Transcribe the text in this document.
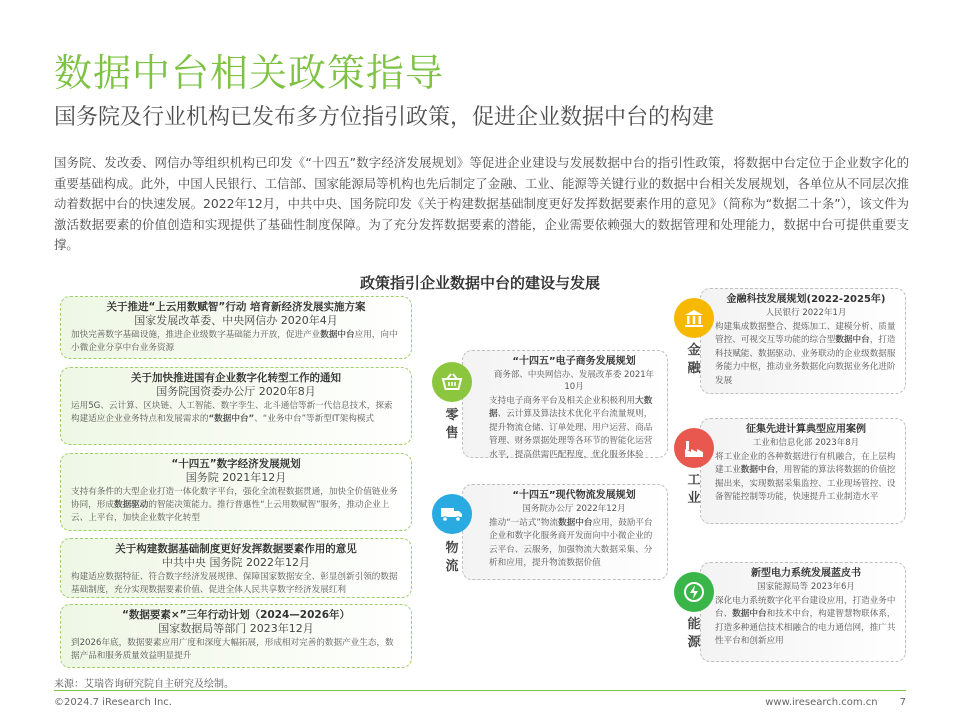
数据中台相关政策指导
国务院及行业机构已发布多方位指引政策，促进企业数据中台的构建
国务院、发改委、网信办等组织机构已印发《“十四五”数字经济发展规划》等促进企业建设与发展数据中台的指引性政策，将数据中台定位于企业数字化的重要基础构成。此外，中国人民银行、工信部、国家能源局等机构也先后制定了金融、工业、能源等关键行业的数据中台相关发展规划，各单位从不同层次推动着数据中台的快速发展。2022年12月，中共中央、国务院印发《关于构建数据基础制度更好发挥数据要素作用的意见》（简称为“数据二十条”），该文件为激活数据要素的价值创造和实现提供了基础性制度保障。为了充分发挥数据要素的潜能，企业需要依赖强大的数据管理和处理能力，数据中台可提供重要支撑。
政策指引企业数据中台的建设与发展
关于推进“上云用数赋智”行动 培育新经济发展实施方案
国家发展改革委、中央网信办 2020年4月
加快完善数字基础设施，推进企业级数字基础能力开放，促进产业数据中台应用，向中小微企业分享中台业务资源
关于加快推进国有企业数字化转型工作的通知
国务院国资委办公厅 2020年8月
运用5G、云计算、区块链、人工智能、数字孪生、北斗通信等新一代信息技术，探索构建适应企业业务特点和发展需求的“数据中台”、“业务中台”等新型IT架构模式
“十四五”数字经济发展规划
国务院 2021年12月
支持有条件的大型企业打造一体化数字平台，强化全流程数据贯通，加快全价值链业务协同，形成数据驱动的智能决策能力。推行普惠性“上云用数赋智”服务，推动企业上云、上平台，加快企业数字化转型
关于构建数据基础制度更好发挥数据要素作用的意见
中共中央 国务院 2022年12月
构建适应数据特征、符合数字经济发展规律、保障国家数据安全、彰显创新引领的数据基础制度，充分实现数据要素价值、促进全体人民共享数字经济发展红利
“数据要素×”三年行动计划（2024—2026年）
国家数据局等部门 2023年12月
到2026年底，数据要素应用广度和深度大幅拓展，形成相对完善的数据产业生态，数据产品和服务质量效益明显提升
“十四五”电子商务发展规划
商务部、中央网信办、发展改革委 2021年10月
支持电子商务平台及相关企业积极利用大数据、云计算及算法技术优化平台流量规则，提升物流仓储、订单处理、用户运营、商品管理、财务票据处理等各环节的智能化运营水平，提高供需匹配程度，优化服务体验
零售
“十四五”现代物流发展规划
国务院办公厅 2022年12月
推动“一站式”物流数据中台应用，鼓励平台企业和数字化服务商开发面向中小微企业的云平台、云服务，加强物流大数据采集、分析和应用，提升物流数据价值
物流
金融科技发展规划(2022-2025年)
人民银行 2022年1月
构建集成数据整合、提炼加工、建模分析、质量管控、可视交互等功能的综合型数据中台，打造科技赋能、数据驱动、业务联动的企业级数据服务能力中枢，推动业务数据化向数据业务化进阶发展
金融
征集先进计算典型应用案例
工业和信息化部 2023年8月
将工业企业的各种数据进行有机融合，在上层构建工业数据中台，用智能的算法将数据的价值挖掘出来，实现数据采集监控、工业现场管控、设备智能控制等功能，快速提升工业制造水平
工业
新型电力系统发展蓝皮书
国家能源局等 2023年6月
深化电力系统数字化平台建设应用，打造业务中台、数据中台和技术中台，构建智慧物联体系，打造多种通信技术相融合的电力通信网，推广共性平台和创新应用
能源
来源：艾瑞咨询研究院自主研究及绘制。
©2024.7 iResearch Inc.	www.iresearch.com.cn 7
